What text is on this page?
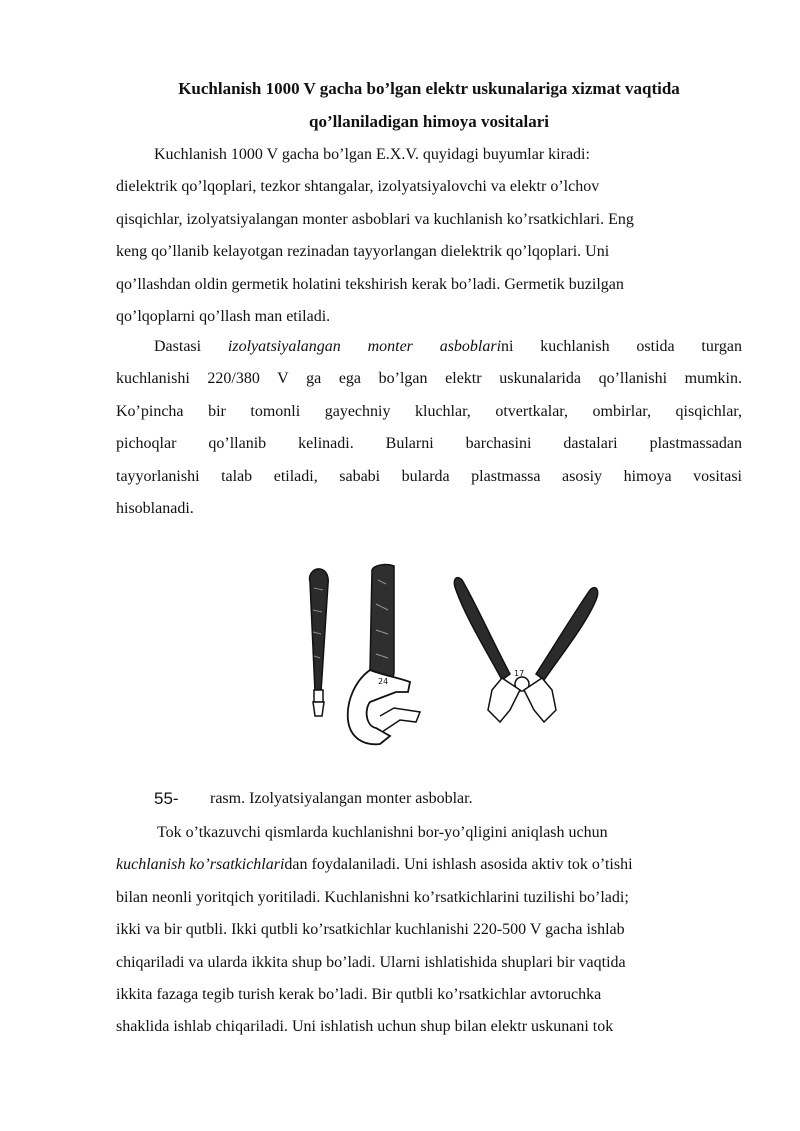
Kuchlanish 1000 V gacha bo’lgan elektr uskunalariga xizmat vaqtida
qo’llaniladigan himoya vositalari
Kuchlanish 1000 V gacha bo’lgan E.X.V. quyidagi buyumlar kiradi:
dielektrik qo’lqoplari, tezkor shtangalar, izolyatsiyalovchi va elektr o’lchov
qisqichlar, izolyatsiyalangan monter asboblari va kuchlanish ko’rsatkichlari. Eng
keng qo’llanib kelayotgan rezinadan tayyorlangan dielektrik qo’lqoplari. Uni
qo’llashdan oldin germetik holatini tekshirish kerak bo’ladi. Germetik buzilgan
qo’lqoplarni qo’llash man etiladi.
Dastasi izolyatsiyalangan monter asboblarini kuchlanish ostida turgan
kuchlanishi 220/380 V ga ega bo’lgan elektr uskunalarida qo’llanishi mumkin.
Ko’pincha bir tomonli gayechniy kluchlar, otvertkalar, ombirlar, qisqichlar,
pichoqlar qo’llanib kelinadi. Bularni barchasini dastalari plastmassadan
tayyorlanishi talab etiladi, sababi bularda plastmassa asosiy himoya vositasi
hisoblanadi.
24
17
55- rasm. Izolyatsiyalangan monter asboblar.
Tok o’tkazuvchi qismlarda kuchlanishni bor-yo’qligini aniqlash uchun
kuchlanish ko’rsatkichlaridan foydalaniladi. Uni ishlash asosida aktiv tok o’tishi
bilan neonli yoritqich yoritiladi. Kuchlanishni ko’rsatkichlarini tuzilishi bo’ladi;
ikki va bir qutbli. Ikki qutbli ko’rsatkichlar kuchlanishi 220-500 V gacha ishlab
chiqariladi va ularda ikkita shup bo’ladi. Ularni ishlatishida shuplari bir vaqtida
ikkita fazaga tegib turish kerak bo’ladi. Bir qutbli ko’rsatkichlar avtoruchka
shaklida ishlab chiqariladi. Uni ishlatish uchun shup bilan elektr uskunani tok
